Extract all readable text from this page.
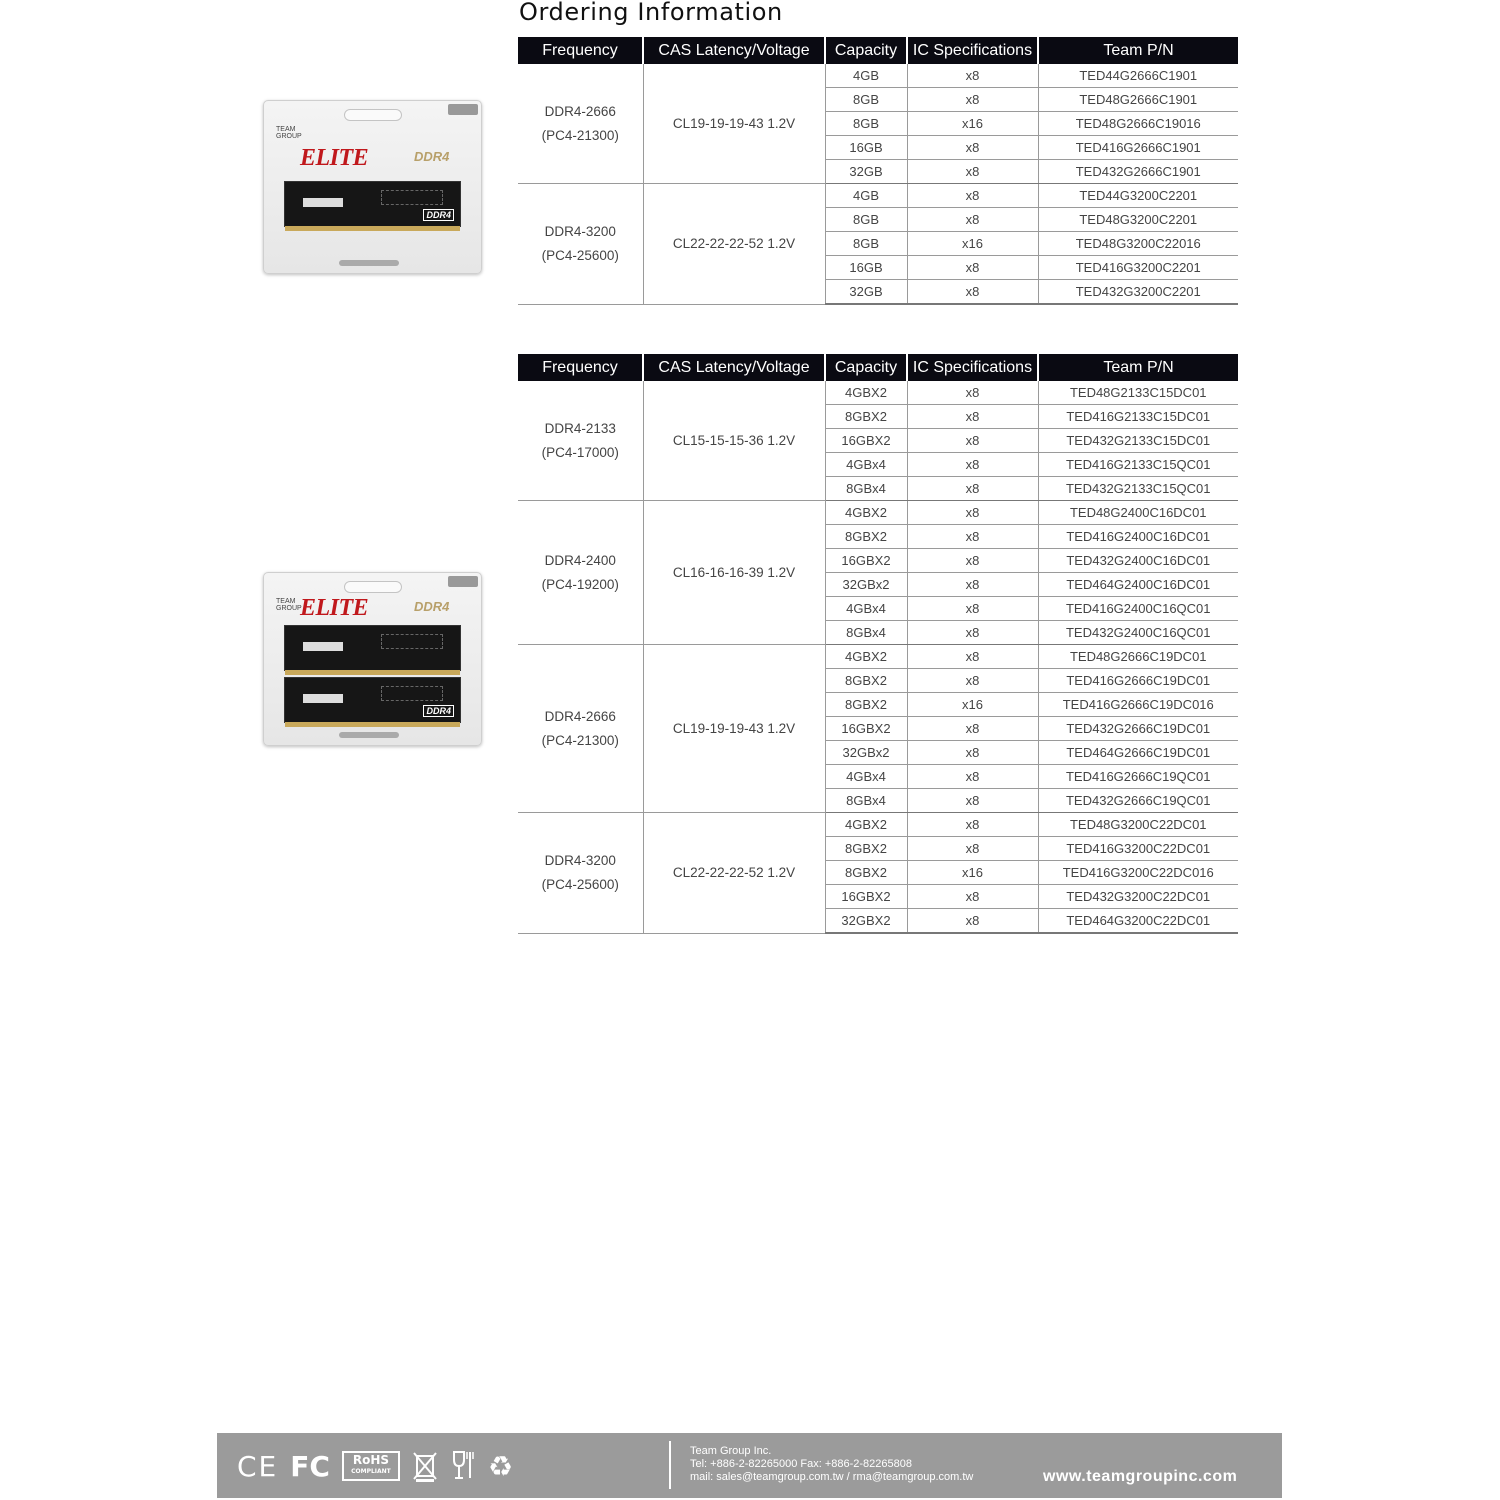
Ordering Information
Frequency	CAS Latency/Voltage	Capacity	IC Specifications	Team P/N

DDR4-2666
(PC4-21300)	CL19-19-19-43 1.2V	4GB	x8	TED44G2666C1901
		8GB	x8	TED48G2666C1901
		8GB	x16	TED48G2666C19016
		16GB	x8	TED416G2666C1901
		32GB	x8	TED432G2666C1901

DDR4-3200
(PC4-25600)	CL22-22-22-52 1.2V	4GB	x8	TED44G3200C2201
		8GB	x8	TED48G3200C2201
		8GB	x16	TED48G3200C22016
		16GB	x8	TED416G3200C2201
		32GB	x8	TED432G3200C2201
Frequency	CAS Latency/Voltage	Capacity	IC Specifications	Team P/N

DDR4-2133
(PC4-17000)	CL15-15-15-36 1.2V	4GBX2	x8	TED48G2133C15DC01
		8GBX2	x8	TED416G2133C15DC01
		16GBX2	x8	TED432G2133C15DC01
		4GBx4	x8	TED416G2133C15QC01
		8GBx4	x8	TED432G2133C15QC01

DDR4-2400
(PC4-19200)	CL16-16-16-39 1.2V	4GBX2	x8	TED48G2400C16DC01
		8GBX2	x8	TED416G2400C16DC01
		16GBX2	x8	TED432G2400C16DC01
		32GBx2	x8	TED464G2400C16DC01
		4GBx4	x8	TED416G2400C16QC01
		8GBx4	x8	TED432G2400C16QC01

DDR4-2666
(PC4-21300)	CL19-19-19-43 1.2V	4GBX2	x8	TED48G2666C19DC01
		8GBX2	x8	TED416G2666C19DC01
		8GBX2	x16	TED416G2666C19DC016
		16GBX2	x8	TED432G2666C19DC01
		32GBx2	x8	TED464G2666C19DC01
		4GBx4	x8	TED416G2666C19QC01
		8GBx4	x8	TED432G2666C19QC01

DDR4-3200
(PC4-25600)	CL22-22-22-52 1.2V	4GBX2	x8	TED48G3200C22DC01
		8GBX2	x8	TED416G3200C22DC01
		8GBX2	x16	TED416G3200C22DC016
		16GBX2	x8	TED432G3200C22DC01
		32GBX2	x8	TED464G3200C22DC01
TEAM
GROUP
ELITE	DDR4
DDR4
TEAM
GROUP
ELITE	DDR4
DDR4
CE FC RoHS
COMPLIANT	♻	Team Group Inc.
Tel: +886-2-82265000 Fax: +886-2-82265808
mail: sales@teamgroup.com.tw / rma@teamgroup.com.tw	www.teamgroupinc.com
